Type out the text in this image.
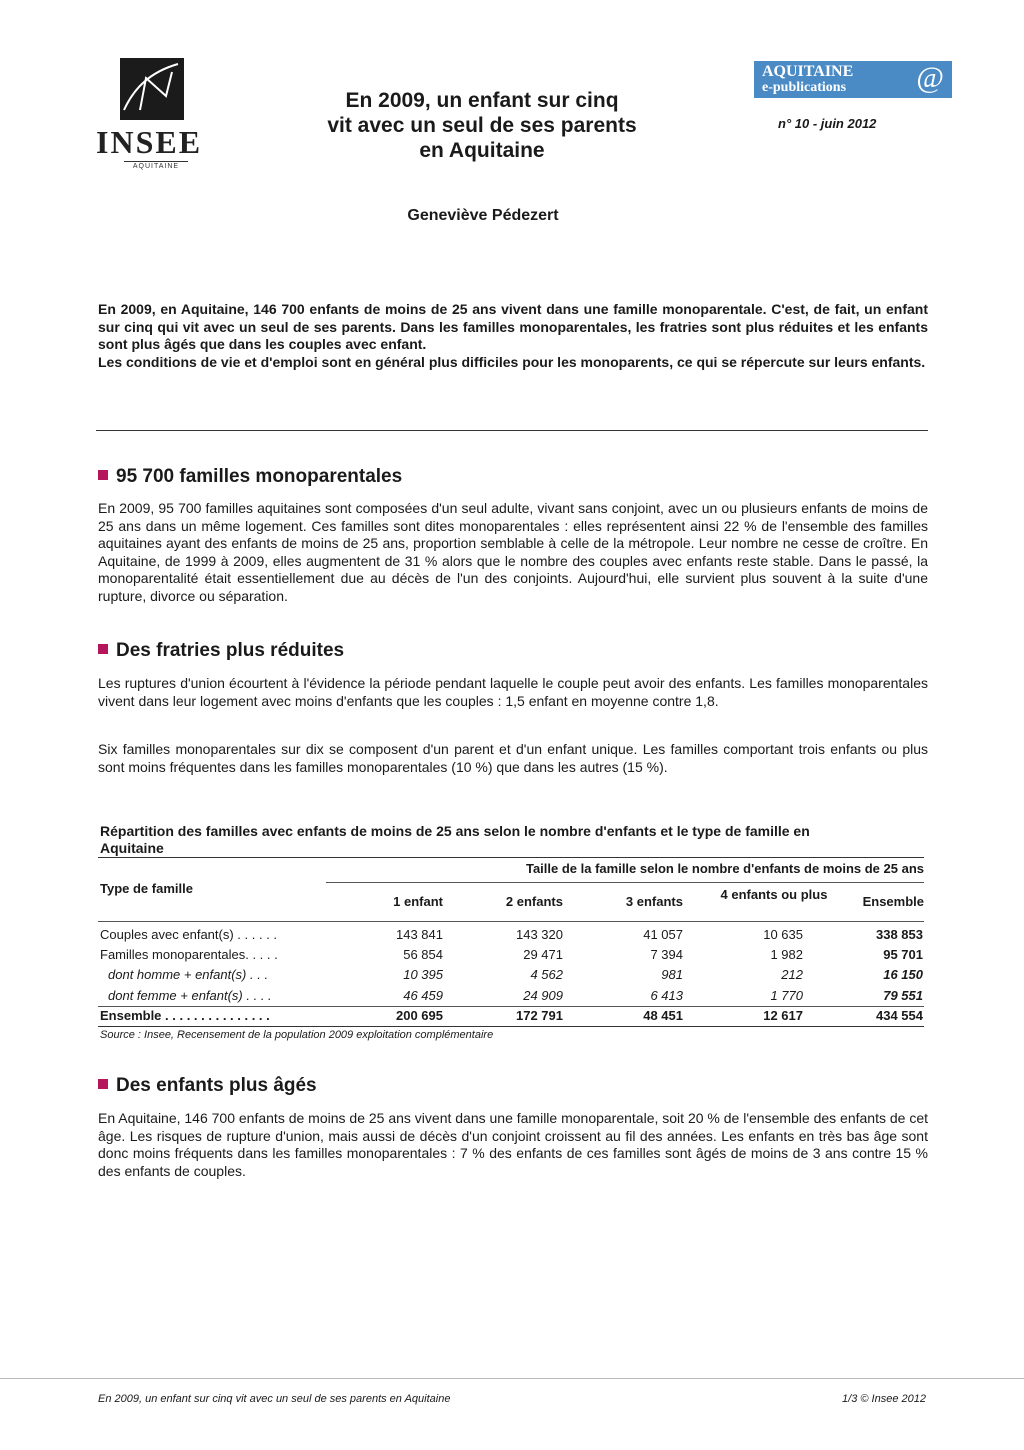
INSEE
AQUITAINE
En 2009, un enfant sur cinq
vit avec un seul de ses parents
en Aquitaine
AQUITAINE
e-publications @
n° 10 - juin 2012
Geneviève Pédezert

En 2009, en Aquitaine, 146 700 enfants de moins de 25 ans vivent dans une famille monoparentale. C'est, de fait, un enfant sur cinq qui vit avec un seul de ses parents. Dans les familles monoparentales, les fratries sont plus réduites et les enfants sont plus âgés que dans les couples avec enfant.

Les conditions de vie et d'emploi sont en général plus difficiles pour les monoparents, ce qui se répercute sur leurs enfants.

95 700 familles monoparentales
En 2009, 95 700 familles aquitaines sont composées d'un seul adulte, vivant sans conjoint, avec un ou plusieurs enfants de moins de 25 ans dans un même logement. Ces familles sont dites monoparentales : elles représentent ainsi 22 % de l'ensemble des familles aquitaines ayant des enfants de moins de 25 ans, proportion semblable à celle de la métropole. Leur nombre ne cesse de croître. En Aquitaine, de 1999 à 2009, elles augmentent de 31 % alors que le nombre des couples avec enfants reste stable. Dans le passé, la monoparentalité était essentiellement due au décès de l'un des conjoints. Aujourd'hui, elle survient plus souvent à la suite d'une rupture, divorce ou séparation.
Des fratries plus réduites
Les ruptures d'union écourtent à l'évidence la période pendant laquelle le couple peut avoir des enfants. Les familles monoparentales vivent dans leur logement avec moins d'enfants que les couples : 1,5 enfant en moyenne contre 1,8.
Six familles monoparentales sur dix se composent d'un parent et d'un enfant unique. Les familles comportant trois enfants ou plus sont moins fréquentes dans les familles monoparentales (10 %) que dans les autres (15 %).
Répartition des familles avec enfants de moins de 25 ans selon le nombre d'enfants et le type de famille en Aquitaine
Taille de la famille selon le nombre d'enfants de moins de 25 ans
Type de famille
1 enfant	2 enfants	3 enfants	4 enfants ou plus	Ensemble
Couples avec enfant(s) . . . . . .	143 841	143 320	41 057	10 635	338 853
Familles monoparentales. . . . .	56 854	29 471	7 394	1 982	95 701
dont homme + enfant(s) . . .	10 395	4 562	981	212	16 150
dont femme + enfant(s) . . . .	46 459	24 909	6 413	1 770	79 551
Ensemble . . . . . . . . . . . . . . .	200 695	172 791	48 451	12 617	434 554
Source : Insee, Recensement de la population 2009 exploitation complémentaire
Des enfants plus âgés
En Aquitaine, 146 700 enfants de moins de 25 ans vivent dans une famille monoparentale, soit 20 % de l'ensemble des enfants de cet âge. Les risques de rupture d'union, mais aussi de décès d'un conjoint croissent au fil des années. Les enfants en très bas âge sont donc moins fréquents dans les familles monoparentales : 7 % des enfants de ces familles sont âgés de moins de 3 ans contre 15 % des enfants de couples.
En 2009, un enfant sur cinq vit avec un seul de ses parents en Aquitaine	1/3 © Insee 2012
